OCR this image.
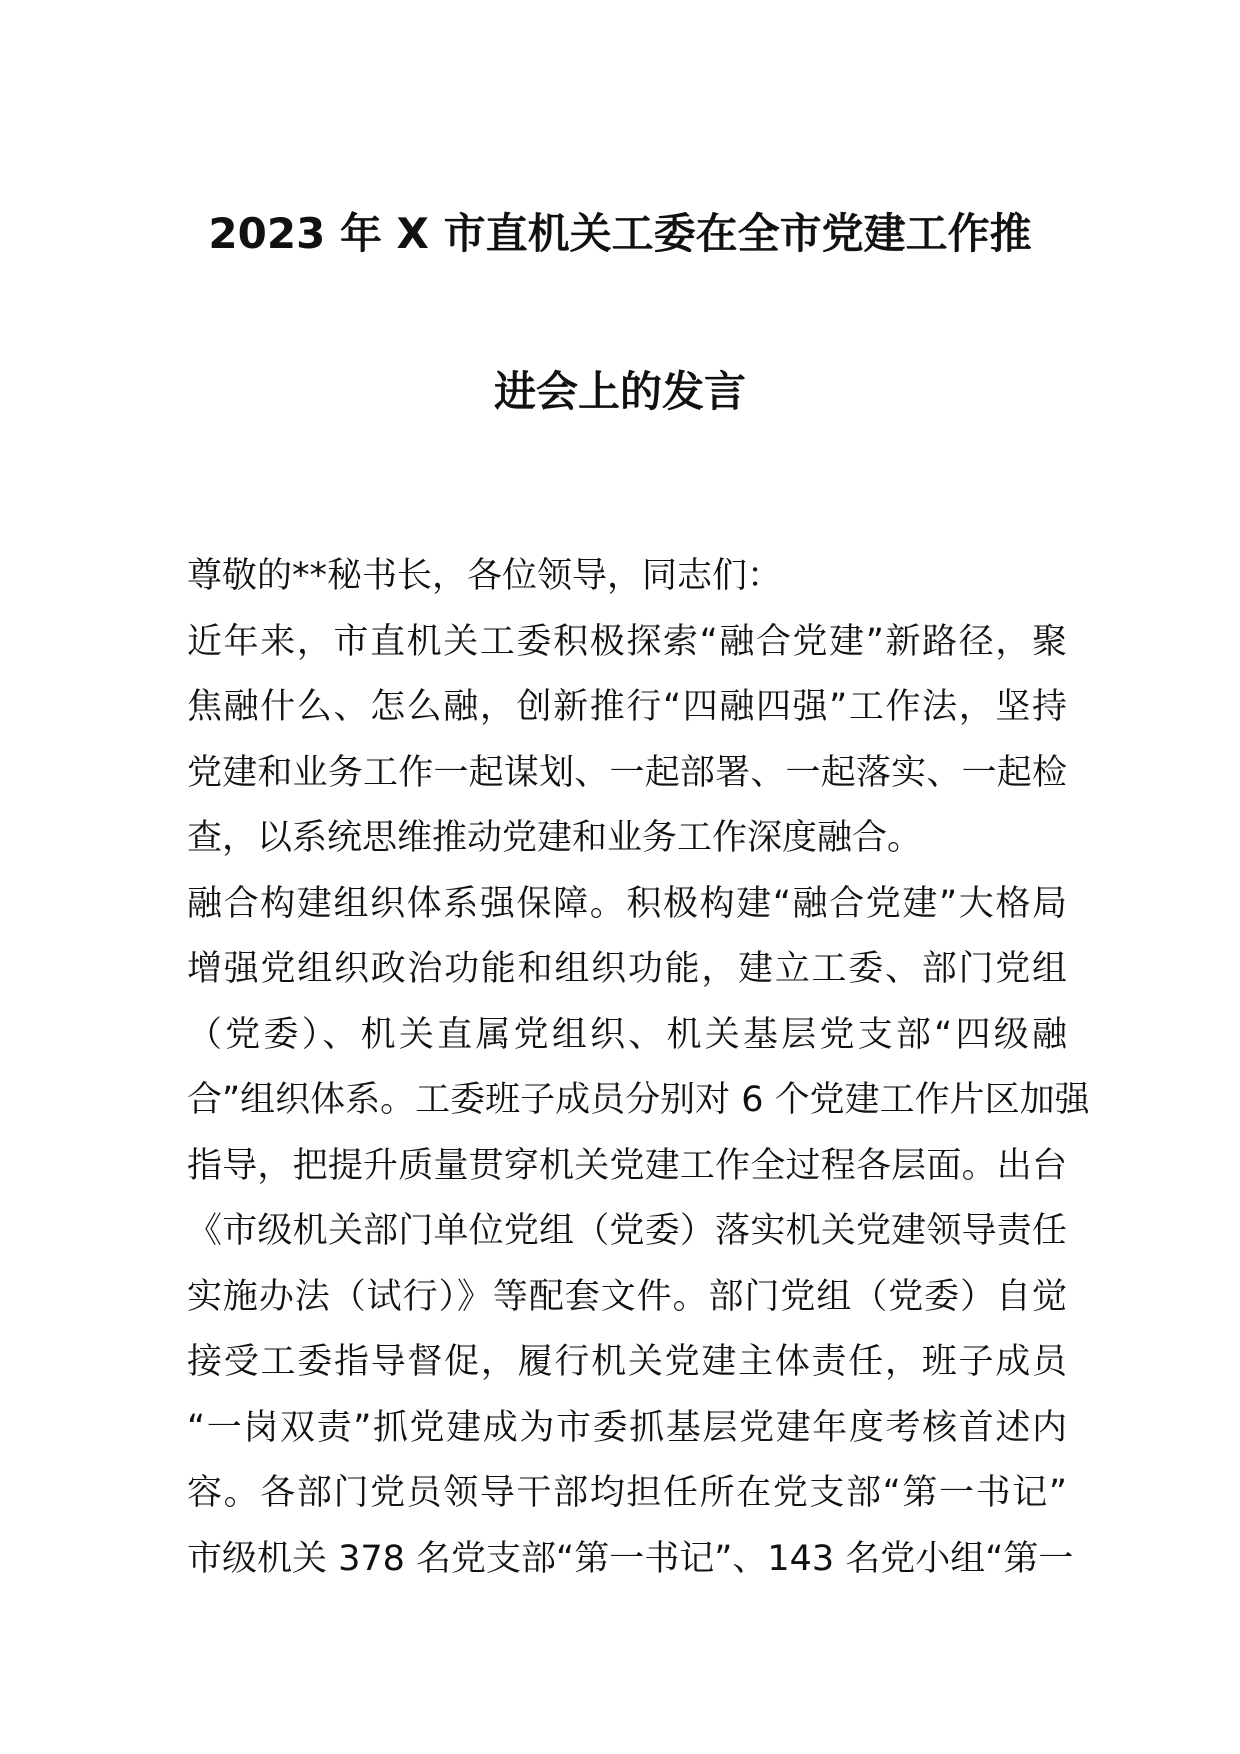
2023 年 X 市直机关工委在全市党建工作推
进会上的发言
尊敬的**秘书长，各位领导，同志们：
近年来，市直机关工委积极探索“融合党建”新路径，聚
焦融什么、怎么融，创新推行“四融四强”工作法，坚持
党建和业务工作一起谋划、一起部署、一起落实、一起检
查，以系统思维推动党建和业务工作深度融合。
融合构建组织体系强保障。积极构建“融合党建”大格局
增强党组织政治功能和组织功能，建立工委、部门党组
（党委）、机关直属党组织、机关基层党支部“四级融
合”组织体系。工委班子成员分别对 6 个党建工作片区加强
指导，把提升质量贯穿机关党建工作全过程各层面。出台
《市级机关部门单位党组（党委）落实机关党建领导责任
实施办法（试行）》等配套文件。部门党组（党委）自觉
接受工委指导督促，履行机关党建主体责任，班子成员
“一岗双责”抓党建成为市委抓基层党建年度考核首述内
容。各部门党员领导干部均担任所在党支部“第一书记”
市级机关 378 名党支部“第一书记”、143 名党小组“第一
